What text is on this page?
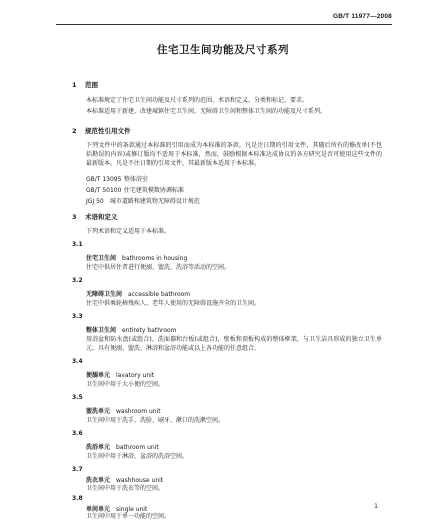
GB/T 11977—2008
住宅卫生间功能及尺寸系列
1 范围

本标准规定了住宅卫生间功能及尺寸系列的范围、术语和定义、分类和标记、要求。

本标准适用于新建、改建城镇住宅卫生间、无障碍卫生间和整体卫生间的功能及尺寸系列。

2 规范性引用文件

下列文件中的条款通过本标准的引用而成为本标准的条款。凡是注日期的引用文件，其随后所有的修改单(不包括勘误的内容)或修订版均不适用于本标准，然而，鼓励根据本标准达成协议的各方研究是否可使用这些文件的最新版本。凡是不注日期的引用文件，其最新版本适用于本标准。

GB/T 13095 整体浴室
GB/T 50100 住宅建筑模数协调标准
JGJ 50 城市道路和建筑物无障碍设计规范
3 术语和定义

下列术语和定义适用于本标准。

3.1
住宅卫生间 bathrooms in housing

住宅中供居住者进行便溺、盥洗、洗浴等活动的空间。

3.2
无障碍卫生间 accessible bathroom

住宅中供乘轮椅残疾人、老年人使用的无障碍设施齐全的卫生间。

3.3
整体卫生间 entirety bathroom

用浴盆和防水盘(或组合)、洗面器和台板(或组合)，壁板和顶板构成的整体框架，与卫生洁具形成的独立卫生单元。具有便溺、盥洗、淋浴和盆浴功能或以上各功能的任意组合。

3.4
便溺单元 lavatory unit

卫生间中用于大小便的空间。

3.5
盥洗单元 washroom unit

卫生间中用于洗手、洗脸、刷牙、漱口的洗漱空间。

3.6
洗浴单元 bathroom unit

卫生间中用于淋浴、盆浴的洗浴空间。

3.7
洗衣单元 washhouse unit

卫生间中用于洗衣等的空间。

3.8
单间单元 single unit

卫生间中用于单一功能的空间。

1
